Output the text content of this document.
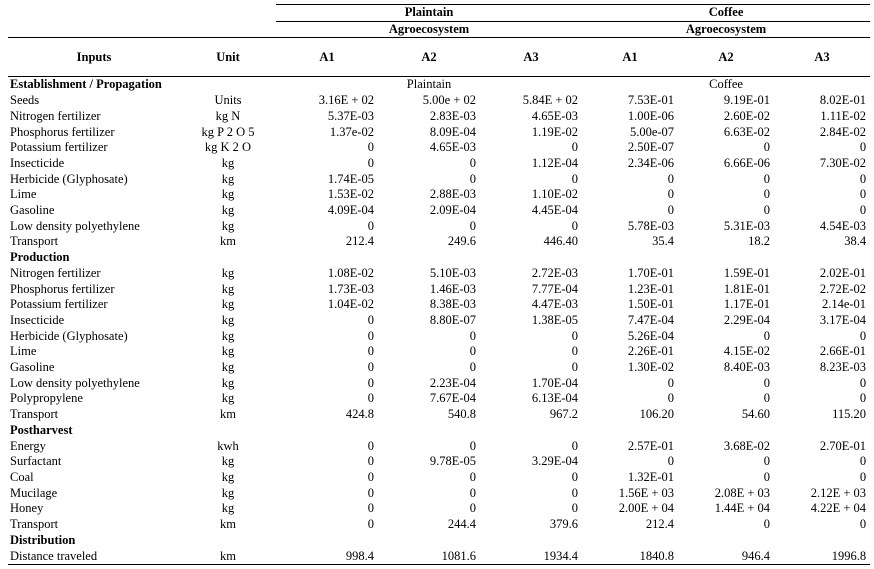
		Plaintain			Coffee		
		Agroecosystem			Agroecosystem		
Inputs	Unit	A1	A2	A3	A1	A2	A3
Establishment / Propagation		Plaintain			Coffee		
Seeds	Units	3.16E + 02	5.00e + 02	5.84E + 02	7.53E-01	9.19E-01	8.02E-01
Nitrogen fertilizer	kg N	5.37E-03	2.83E-03	4.65E-03	1.00E-06	2.60E-02	1.11E-02
Phosphorus fertilizer	kg P 2 O 5	1.37e-02	8.09E-04	1.19E-02	5.00e-07	6.63E-02	2.84E-02
Potassium fertilizer	kg K 2 O	0	4.65E-03	0	2.50E-07	0	0
Insecticide	kg	0	0	1.12E-04	2.34E-06	6.66E-06	7.30E-02
Herbicide (Glyphosate)	kg	1.74E-05	0	0	0	0	0
Lime	kg	1.53E-02	2.88E-03	1.10E-02	0	0	0
Gasoline	kg	4.09E-04	2.09E-04	4.45E-04	0	0	0
Low density polyethylene	kg	0	0	0	5.78E-03	5.31E-03	4.54E-03
Transport	km	212.4	249.6	446.40	35.4	18.2	38.4
Production							
Nitrogen fertilizer	kg	1.08E-02	5.10E-03	2.72E-03	1.70E-01	1.59E-01	2.02E-01
Phosphorus fertilizer	kg	1.73E-03	1.46E-03	7.77E-04	1.23E-01	1.81E-01	2.72E-02
Potassium fertilizer	kg	1.04E-02	8.38E-03	4.47E-03	1.50E-01	1.17E-01	2.14e-01
Insecticide	kg	0	8.80E-07	1.38E-05	7.47E-04	2.29E-04	3.17E-04
Herbicide (Glyphosate)	kg	0	0	0	5.26E-04	0	0
Lime	kg	0	0	0	2.26E-01	4.15E-02	2.66E-01
Gasoline	kg	0	0	0	1.30E-02	8.40E-03	8.23E-03
Low density polyethylene	kg	0	2.23E-04	1.70E-04	0	0	0
Polypropylene	kg	0	7.67E-04	6.13E-04	0	0	0
Transport	km	424.8	540.8	967.2	106.20	54.60	115.20
Postharvest							
Energy	kwh	0	0	0	2.57E-01	3.68E-02	2.70E-01
Surfactant	kg	0	9.78E-05	3.29E-04	0	0	0
Coal	kg	0	0	0	1.32E-01	0	0
Mucilage	kg	0	0	0	1.56E + 03	2.08E + 03	2.12E + 03
Honey	kg	0	0	0	2.00E + 04	1.44E + 04	4.22E + 04
Transport	km	0	244.4	379.6	212.4	0	0
Distribution							
Distance traveled	km	998.4	1081.6	1934.4	1840.8	946.4	1996.8
